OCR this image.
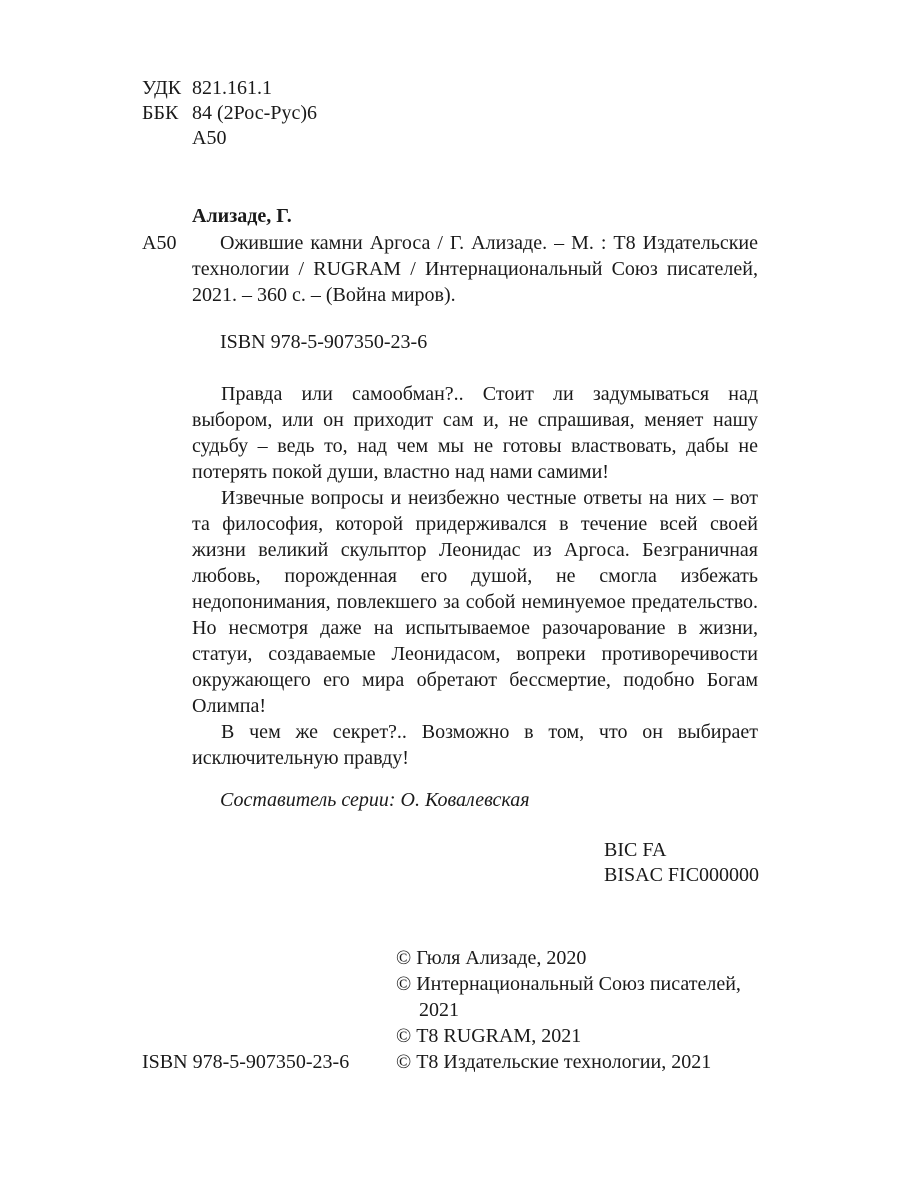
УДК 821.161.1
ББК 84 (2Рос-Рус)6
А50
Ализаде, Г.
А50	Ожившие камни Аргоса / Г. Ализаде. – М. : Т8 Издательские технологии / RUGRAM / Интернациональный Союз писателей, 2021. – 360 с. – (Война миров).
ISBN 978-5-907350-23-6

Правда или самообман?.. Стоит ли задумываться над выбором, или он приходит сам и, не спрашивая, меняет нашу судьбу – ведь то, над чем мы не готовы властвовать, дабы не потерять покой души, властно над нами самими!

Извечные вопросы и неизбежно честные ответы на них – вот та философия, которой придерживался в течение всей своей жизни великий скульптор Леонидас из Аргоса. Безграничная любовь, порожденная его душой, не смогла избежать недопонимания, повлекшего за собой неминуемое предательство. Но несмотря даже на испытываемое разочарование в жизни, статуи, создаваемые Леонидасом, вопреки противоречивости окружающего его мира обретают бессмертие, подобно Богам Олимпа!

В чем же секрет?.. Возможно в том, что он выбирает исключительную правду!

Составитель серии: О. Ковалевская
BIC FA
BISAC FIC000000
© Гюля Ализаде, 2020
© Интернациональный Союз писателей, 2021
© Т8 RUGRAM, 2021
© Т8 Издательские технологии, 2021
ISBN 978-5-907350-23-6
